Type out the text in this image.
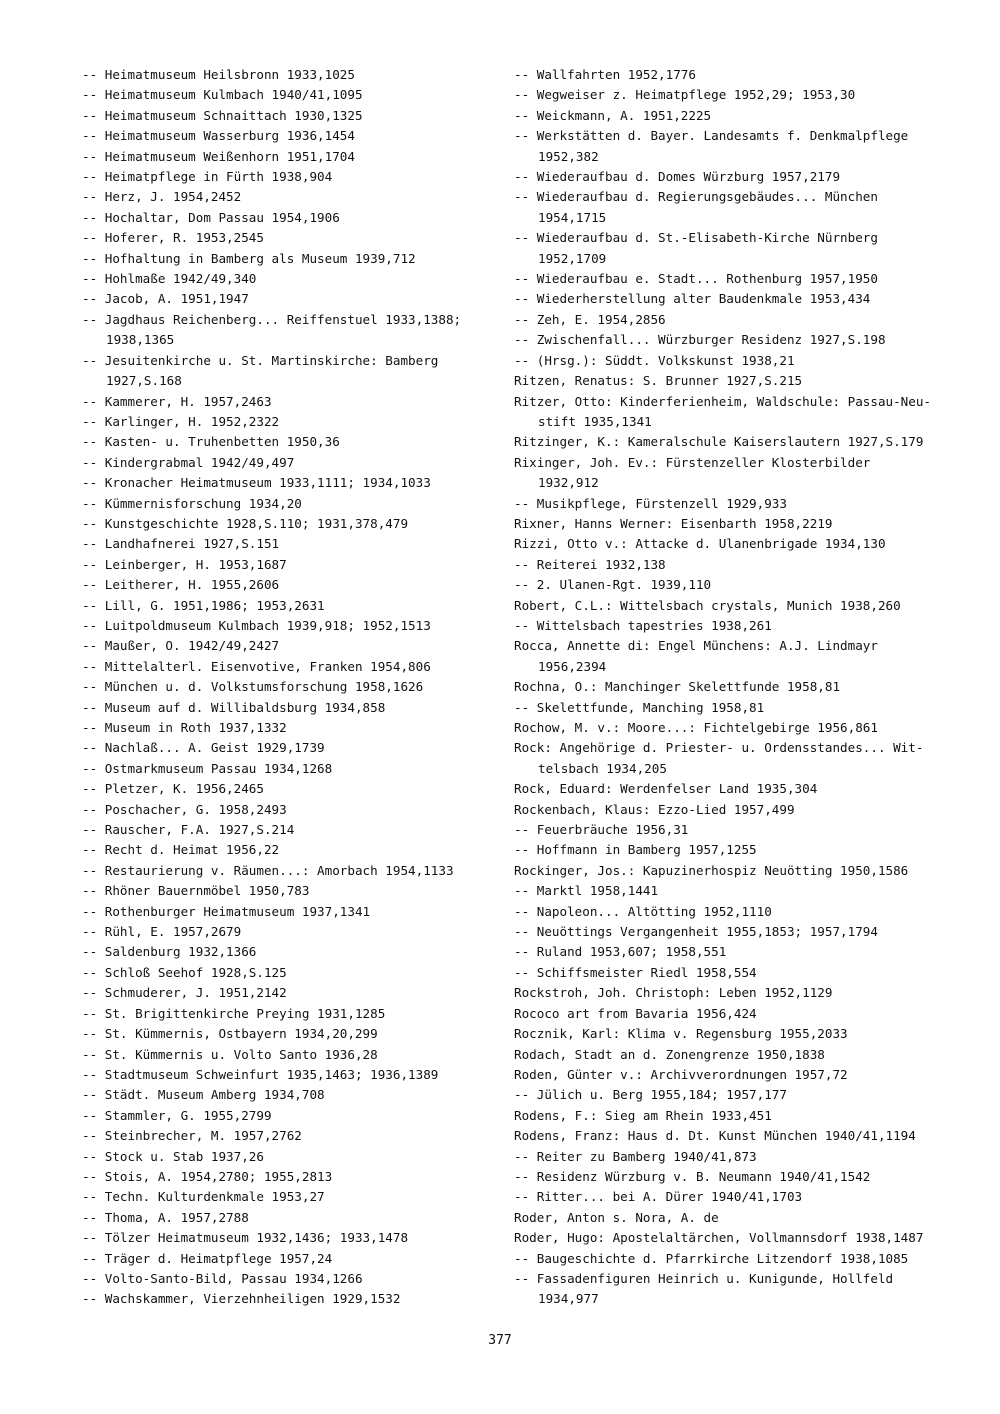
-- Heimatmuseum Heilsbronn 1933,1025
-- Heimatmuseum Kulmbach 1940/41,1095
-- Heimatmuseum Schnaittach 1930,1325
-- Heimatmuseum Wasserburg 1936,1454
-- Heimatmuseum Weißenhorn 1951,1704
-- Heimatpflege in Fürth 1938,904
-- Herz, J. 1954,2452
-- Hochaltar, Dom Passau 1954,1906
-- Hoferer, R. 1953,2545
-- Hofhaltung in Bamberg als Museum 1939,712
-- Hohlmaße 1942/49,340
-- Jacob, A. 1951,1947
-- Jagdhaus Reichenberg... Reiffenstuel 1933,1388;
1938,1365
-- Jesuitenkirche u. St. Martinskirche: Bamberg
1927,S.168
-- Kammerer, H. 1957,2463
-- Karlinger, H. 1952,2322
-- Kasten- u. Truhenbetten 1950,36
-- Kindergrabmal 1942/49,497
-- Kronacher Heimatmuseum 1933,1111; 1934,1033
-- Kümmernisforschung 1934,20
-- Kunstgeschichte 1928,S.110; 1931,378,479
-- Landhafnerei 1927,S.151
-- Leinberger, H. 1953,1687
-- Leitherer, H. 1955,2606
-- Lill, G. 1951,1986; 1953,2631
-- Luitpoldmuseum Kulmbach 1939,918; 1952,1513
-- Maußer, O. 1942/49,2427
-- Mittelalterl. Eisenvotive, Franken 1954,806
-- München u. d. Volkstumsforschung 1958,1626
-- Museum auf d. Willibaldsburg 1934,858
-- Museum in Roth 1937,1332
-- Nachlaß... A. Geist 1929,1739
-- Ostmarkmuseum Passau 1934,1268
-- Pletzer, K. 1956,2465
-- Poschacher, G. 1958,2493
-- Rauscher, F.A. 1927,S.214
-- Recht d. Heimat 1956,22
-- Restaurierung v. Räumen...: Amorbach 1954,1133
-- Rhöner Bauernmöbel 1950,783
-- Rothenburger Heimatmuseum 1937,1341
-- Rühl, E. 1957,2679
-- Saldenburg 1932,1366
-- Schloß Seehof 1928,S.125
-- Schmuderer, J. 1951,2142
-- St. Brigittenkirche Preying 1931,1285
-- St. Kümmernis, Ostbayern 1934,20,299
-- St. Kümmernis u. Volto Santo 1936,28
-- Stadtmuseum Schweinfurt 1935,1463; 1936,1389
-- Städt. Museum Amberg 1934,708
-- Stammler, G. 1955,2799
-- Steinbrecher, M. 1957,2762
-- Stock u. Stab 1937,26
-- Stois, A. 1954,2780; 1955,2813
-- Techn. Kulturdenkmale 1953,27
-- Thoma, A. 1957,2788
-- Tölzer Heimatmuseum 1932,1436; 1933,1478
-- Träger d. Heimatpflege 1957,24
-- Volto-Santo-Bild, Passau 1934,1266
-- Wachskammer, Vierzehnheiligen 1929,1532
-- Wallfahrten 1952,1776
-- Wegweiser z. Heimatpflege 1952,29; 1953,30
-- Weickmann, A. 1951,2225
-- Werkstätten d. Bayer. Landesamts f. Denkmalpflege
1952,382
-- Wiederaufbau d. Domes Würzburg 1957,2179
-- Wiederaufbau d. Regierungsgebäudes... München
1954,1715
-- Wiederaufbau d. St.-Elisabeth-Kirche Nürnberg
1952,1709
-- Wiederaufbau e. Stadt... Rothenburg 1957,1950
-- Wiederherstellung alter Baudenkmale 1953,434
-- Zeh, E. 1954,2856
-- Zwischenfall... Würzburger Residenz 1927,S.198
-- (Hrsg.): Süddt. Volkskunst 1938,21
Ritzen, Renatus: S. Brunner 1927,S.215
Ritzer, Otto: Kinderferienheim, Waldschule: Passau-Neu-
stift 1935,1341
Ritzinger, K.: Kameralschule Kaiserslautern 1927,S.179
Rixinger, Joh. Ev.: Fürstenzeller Klosterbilder
1932,912
-- Musikpflege, Fürstenzell 1929,933
Rixner, Hanns Werner: Eisenbarth 1958,2219
Rizzi, Otto v.: Attacke d. Ulanenbrigade 1934,130
-- Reiterei 1932,138
-- 2. Ulanen-Rgt. 1939,110
Robert, C.L.: Wittelsbach crystals, Munich 1938,260
-- Wittelsbach tapestries 1938,261
Rocca, Annette di: Engel Münchens: A.J. Lindmayr
1956,2394
Rochna, O.: Manchinger Skelettfunde 1958,81
-- Skelettfunde, Manching 1958,81
Rochow, M. v.: Moore...: Fichtelgebirge 1956,861
Rock: Angehörige d. Priester- u. Ordensstandes... Wit-
telsbach 1934,205
Rock, Eduard: Werdenfelser Land 1935,304
Rockenbach, Klaus: Ezzo-Lied 1957,499
-- Feuerbräuche 1956,31
-- Hoffmann in Bamberg 1957,1255
Rockinger, Jos.: Kapuzinerhospiz Neuötting 1950,1586
-- Marktl 1958,1441
-- Napoleon... Altötting 1952,1110
-- Neuöttings Vergangenheit 1955,1853; 1957,1794
-- Ruland 1953,607; 1958,551
-- Schiffsmeister Riedl 1958,554
Rockstroh, Joh. Christoph: Leben 1952,1129
Rococo art from Bavaria 1956,424
Rocznik, Karl: Klima v. Regensburg 1955,2033
Rodach, Stadt an d. Zonengrenze 1950,1838
Roden, Günter v.: Archivverordnungen 1957,72
-- Jülich u. Berg 1955,184; 1957,177
Rodens, F.: Sieg am Rhein 1933,451
Rodens, Franz: Haus d. Dt. Kunst München 1940/41,1194
-- Reiter zu Bamberg 1940/41,873
-- Residenz Würzburg v. B. Neumann 1940/41,1542
-- Ritter... bei A. Dürer 1940/41,1703
Roder, Anton s. Nora, A. de
Roder, Hugo: Apostelaltärchen, Vollmannsdorf 1938,1487
-- Baugeschichte d. Pfarrkirche Litzendorf 1938,1085
-- Fassadenfiguren Heinrich u. Kunigunde, Hollfeld
1934,977
377
